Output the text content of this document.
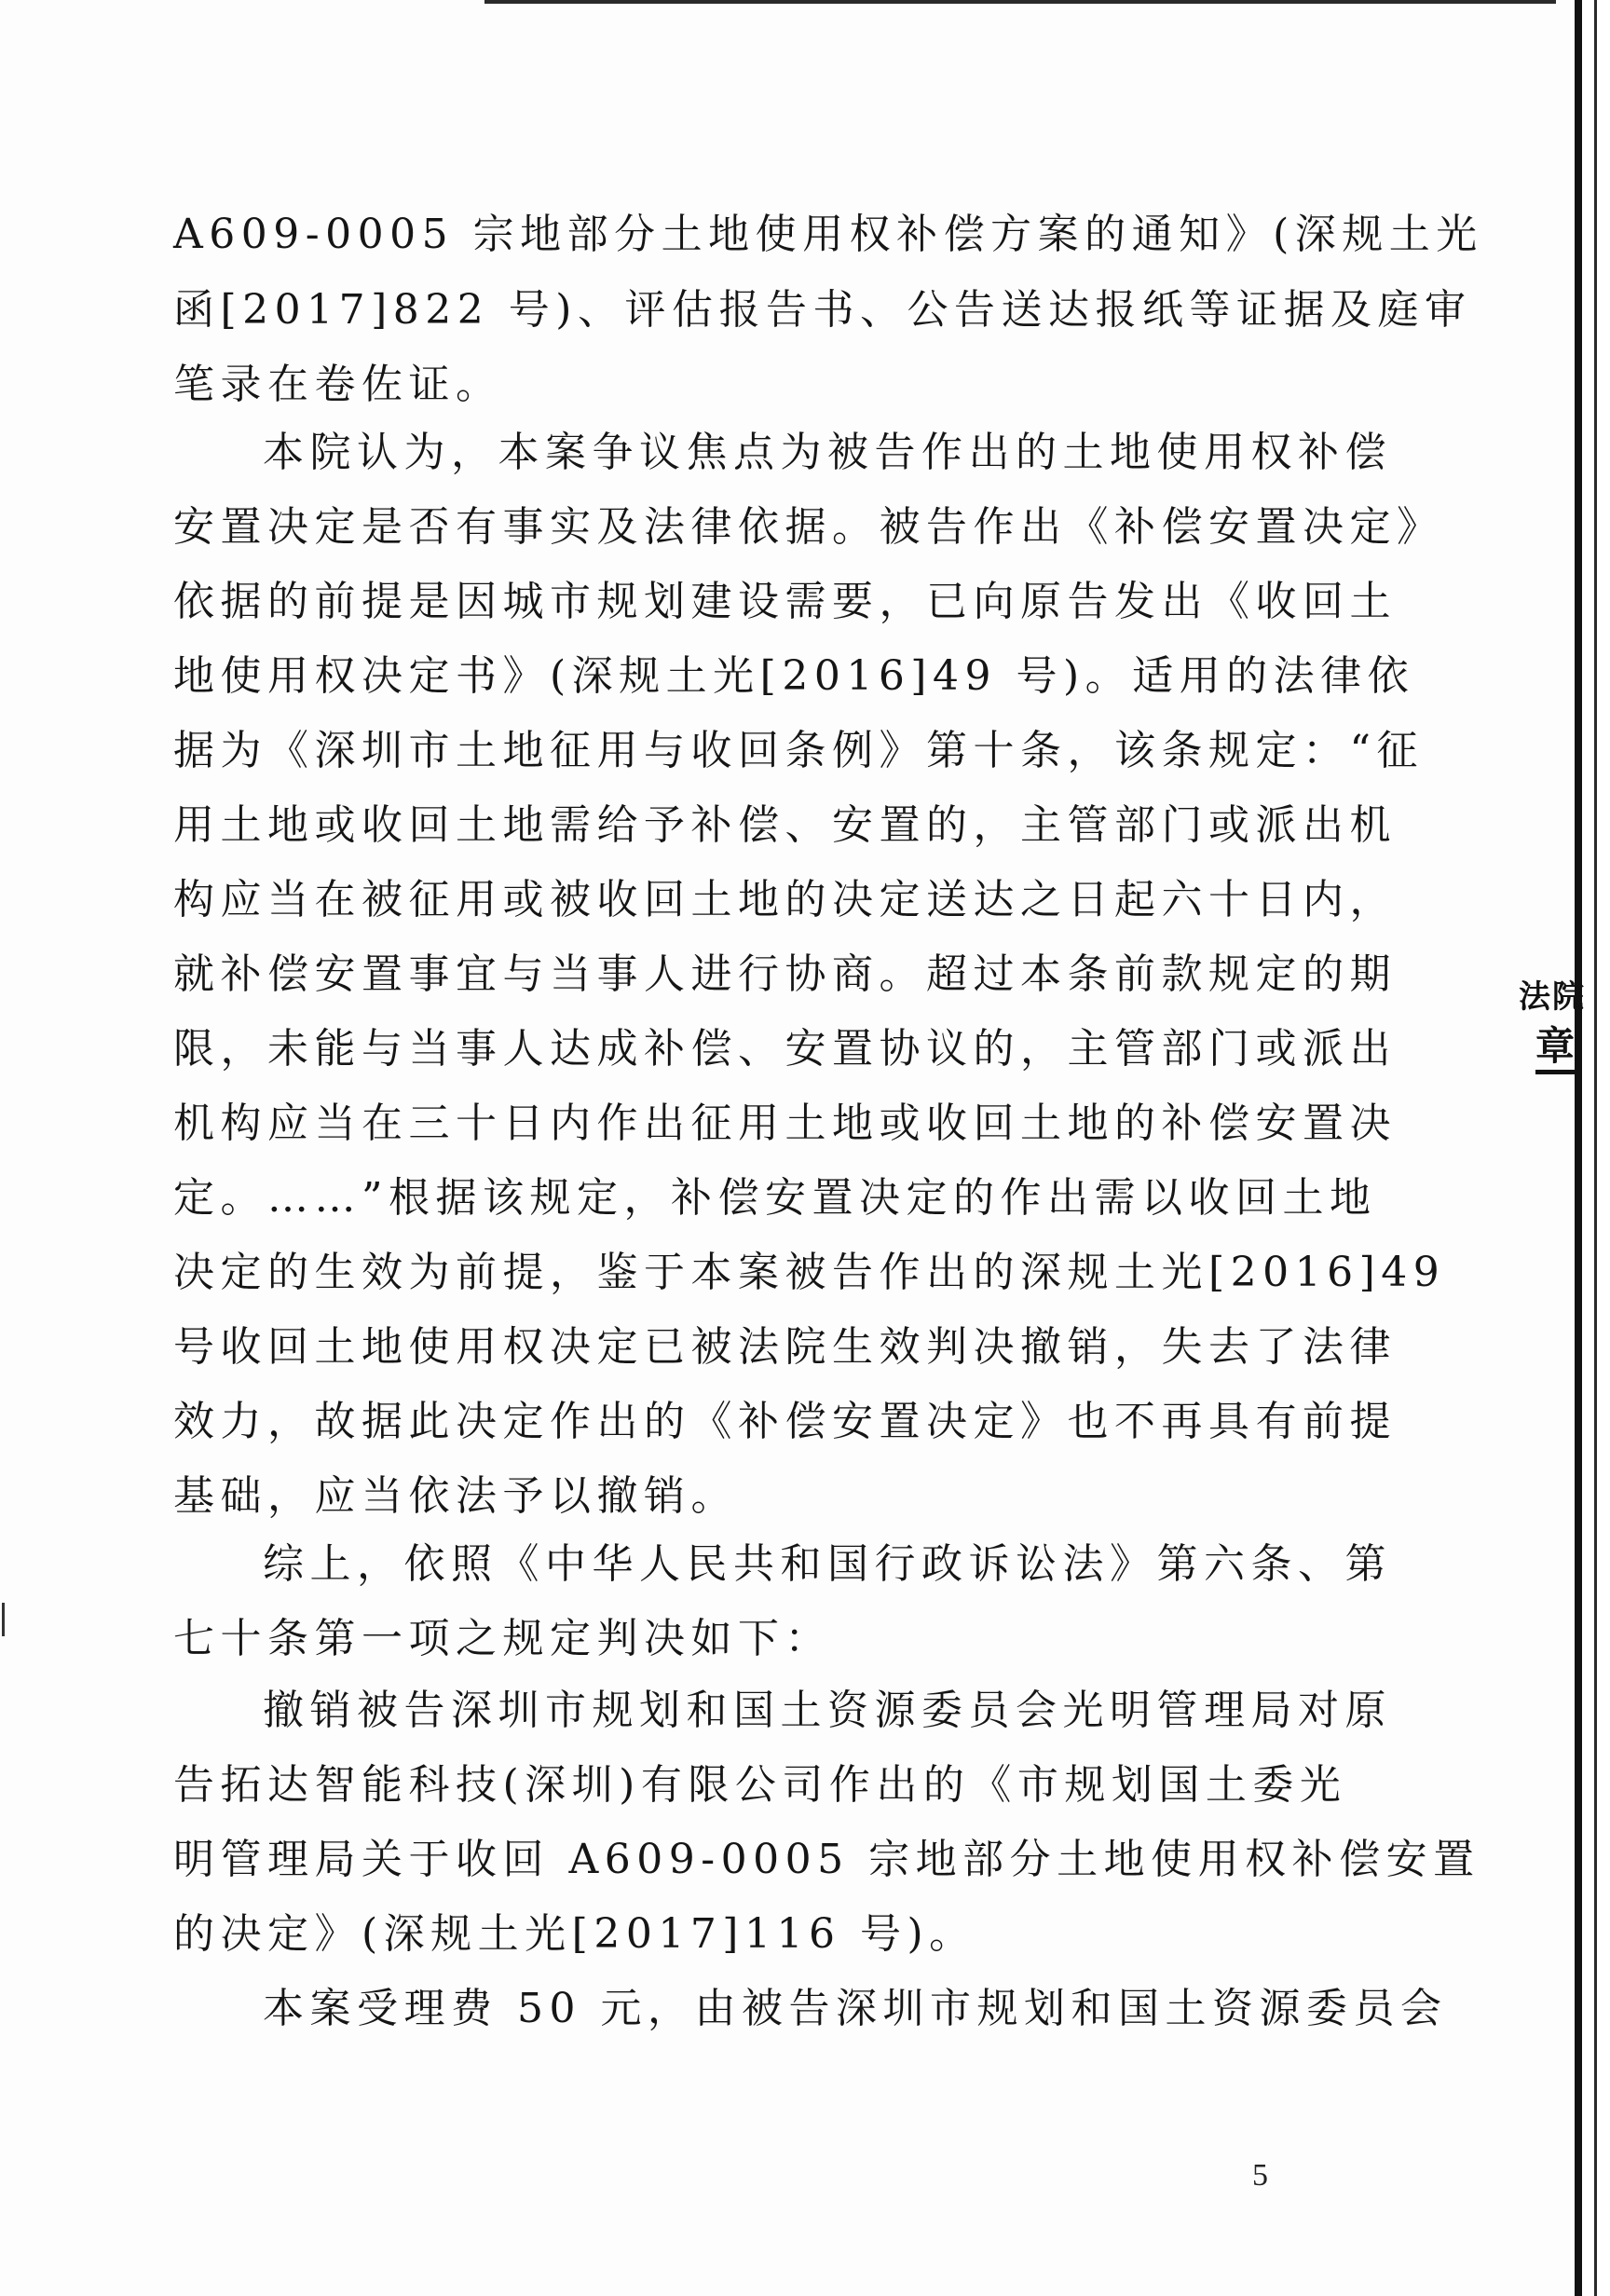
法院
章
A609-0005 宗地部分土地使用权补偿方案的通知》(深规土光
函[2017]822 号)、评估报告书、公告送达报纸等证据及庭审
笔录在卷佐证。
本院认为，本案争议焦点为被告作出的土地使用权补偿
安置决定是否有事实及法律依据。被告作出《补偿安置决定》
依据的前提是因城市规划建设需要，已向原告发出《收回土
地使用权决定书》(深规土光[2016]49 号)。适用的法律依
据为《深圳市土地征用与收回条例》第十条，该条规定：“征
用土地或收回土地需给予补偿、安置的，主管部门或派出机
构应当在被征用或被收回土地的决定送达之日起六十日内，
就补偿安置事宜与当事人进行协商。超过本条前款规定的期
限，未能与当事人达成补偿、安置协议的，主管部门或派出
机构应当在三十日内作出征用土地或收回土地的补偿安置决
定。……”根据该规定，补偿安置决定的作出需以收回土地
决定的生效为前提，鉴于本案被告作出的深规土光[2016]49
号收回土地使用权决定已被法院生效判决撤销，失去了法律
效力，故据此决定作出的《补偿安置决定》也不再具有前提
基础，应当依法予以撤销。
综上，依照《中华人民共和国行政诉讼法》第六条、第
七十条第一项之规定判决如下：
撤销被告深圳市规划和国土资源委员会光明管理局对原
告拓达智能科技(深圳)有限公司作出的《市规划国土委光
明管理局关于收回 A609-0005 宗地部分土地使用权补偿安置
的决定》(深规土光[2017]116 号)。
本案受理费 50 元，由被告深圳市规划和国土资源委员会
5
